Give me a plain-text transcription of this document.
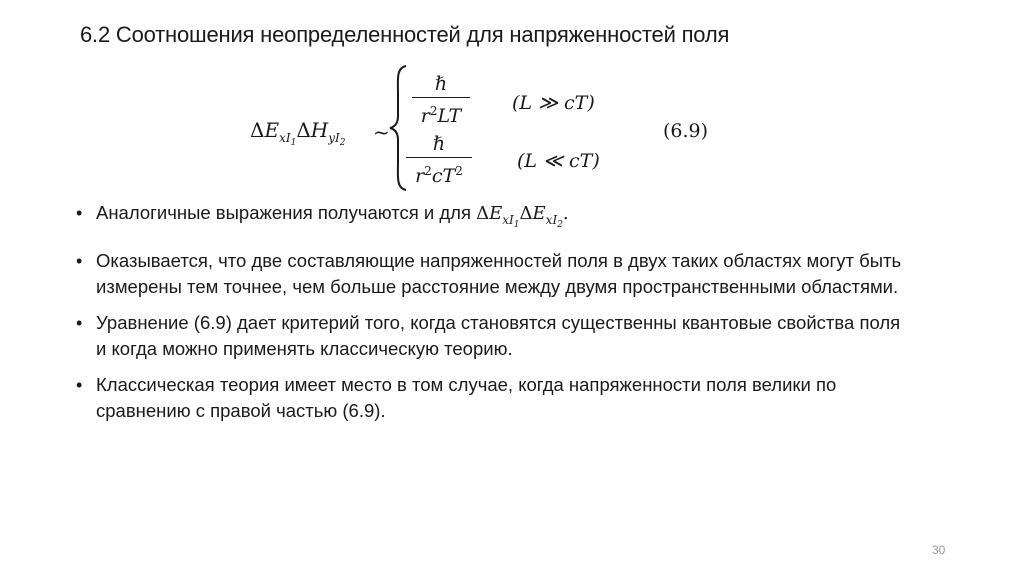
6.2 Соотношения неопределенностей для напряженностей поля
$\Delta E_{xI_1}\Delta H_{yI_2}$ ~
ℏ
$r^2LT$
(L ≫ cT)
ℏ
$r^2cT^2$	(L ≪ cT)
(6.9)
• Аналогичные выражения получаются и для $\Delta E_{xI_1}\Delta E_{xI_2}$.
• Оказывается, что две составляющие напряженностей поля в двух таких областях могут быть измерены тем точнее, чем больше расстояние между двумя пространственными областями.
• Уравнение (6.9) дает критерий того, когда становятся существенны квантовые свойства поля и когда можно применять классическую теорию.
• Классическая теория имеет место в том случае, когда напряженности поля велики по сравнению с правой частью (6.9).
30
